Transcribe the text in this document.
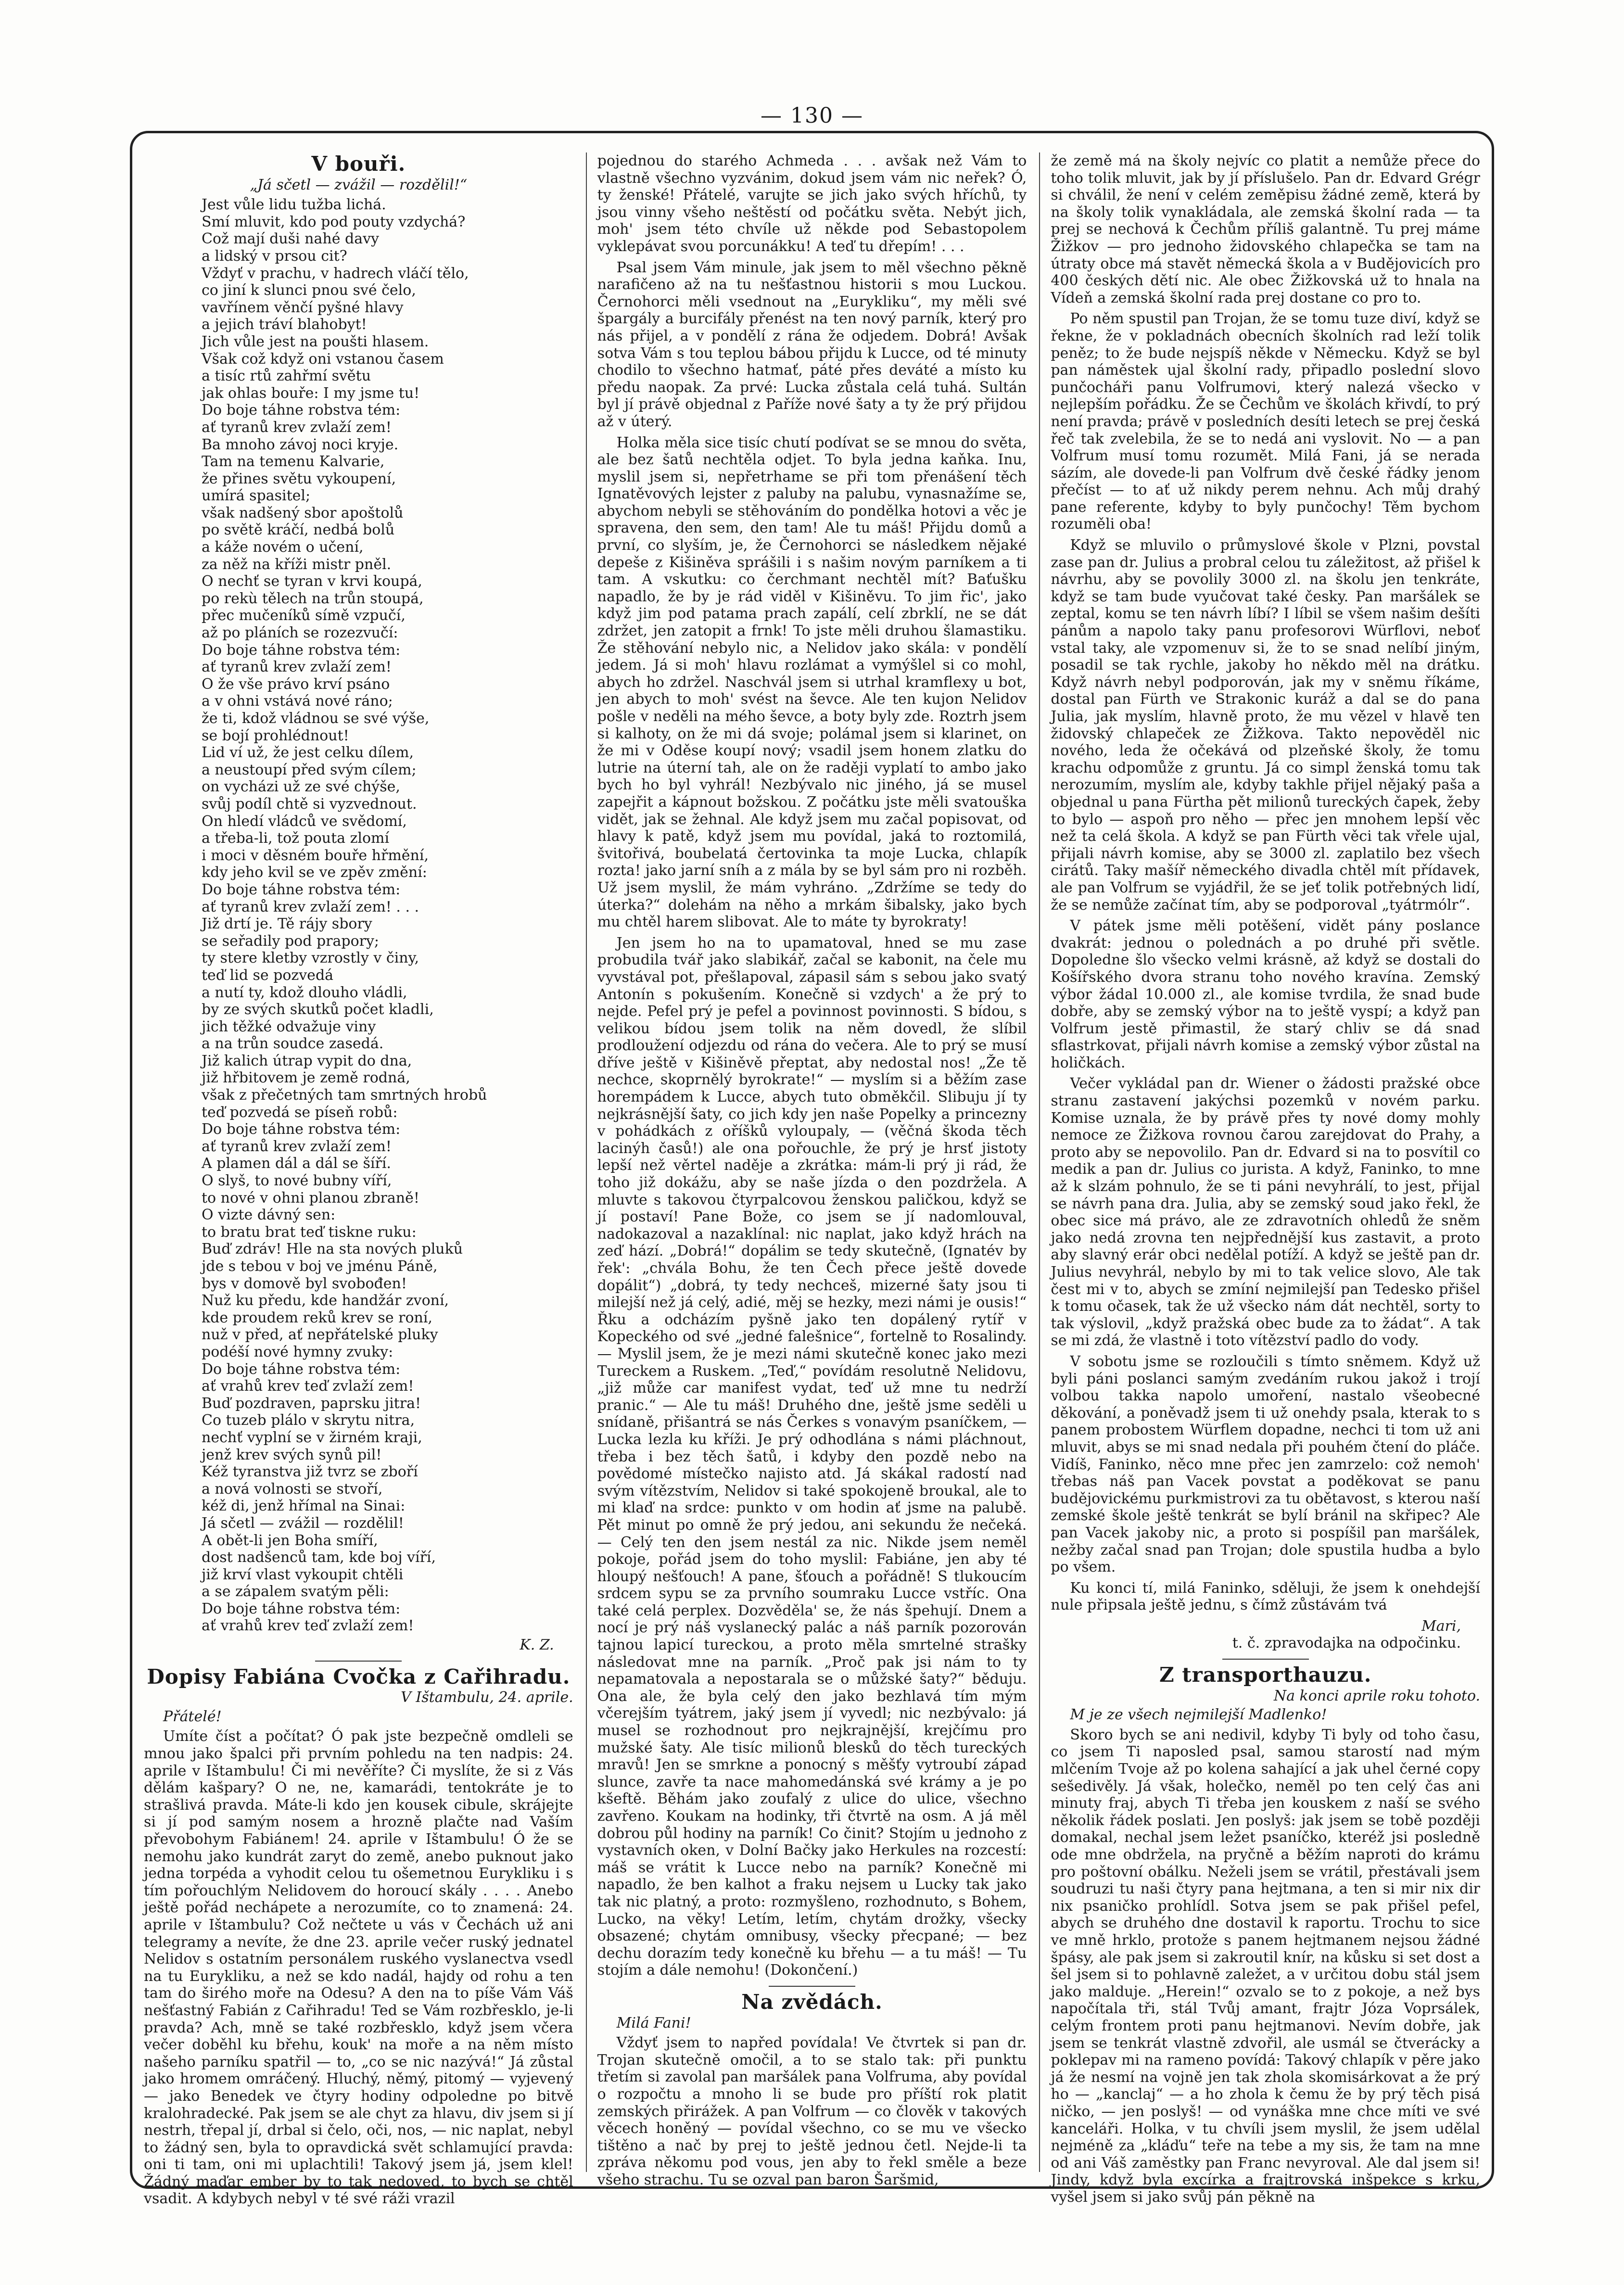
— 130 —
V bouři.
„Já sčetl — zvážil — rozdělil!“
Jest vůle lidu tužba lichá.
Smí mluvit, kdo pod pouty vzdychá?
Což mají duši nahé davy
a lidský v prsou cit?
Vždyť v prachu, v hadrech vláčí tělo,
co jiní k slunci pnou své čelo,
vavřínem věnčí pyšné hlavy
a jejich tráví blahobyt!
Jich vůle jest na poušti hlasem.
Však což když oni vstanou časem
a tisíc rtů zahřmí světu
jak ohlas bouře: I my jsme tu!
Do boje táhne robstva tém:
ať tyranů krev zvlaží zem!
Ba mnoho závoj noci kryje.
Tam na temenu Kalvarie,
že přines světu vykoupení,
umírá spasitel;
však nadšený sbor apoštolů
po světě kráčí, nedbá bolů
a káže novém o učení,
za něž na kříži mistr pněl.
O nechť se tyran v krvi koupá,
po rekù tělech na trůn stoupá,
přec mučeníků símě vzpučí,
až po pláních se rozezvučí:
Do boje táhne robstva tém:
ať tyranů krev zvlaží zem!
O že vše právo krví psáno
a v ohni vstává nové ráno;
že ti, kdož vládnou se své výše,
se bojí prohlédnout!
Lid ví už, že jest celku dílem,
a neustoupí před svým cílem;
on vycházi už ze své chýše,
svůj podíl chtě si vyzvednout.
On hledí vládců ve svědomí,
a třeba-li, tož pouta zlomí
i moci v děsném bouře hřmění,
kdy jeho kvil se ve zpěv změní:
Do boje táhne robstva tém:
ať tyranů krev zvlaží zem! . . .
Již drtí je. Tě rájy sbory
se seřadily pod prapory;
ty stere kletby vzrostly v činy,
teď lid se pozvedá
a nutí ty, kdož dlouho vládli,
by ze svých skutků počet kladli,
jich těžké odvažuje viny
a na trůn soudce zasedá.
Již kalich útrap vypit do dna,
již hřbitovem je země rodná,
však z přečetných tam smrtných hrobů
teď pozvedá se píseň robů:
Do boje táhne robstva tém:
ať tyranů krev zvlaží zem!
A plamen dál a dál se šíří.
O slyš, to nové bubny víří,
to nové v ohni planou zbraně!
O vizte dávný sen:
to bratu brat teď tiskne ruku:
Buď zdráv! Hle na sta nových pluků
jde s tebou v boj ve jménu Páně,
bys v domově byl svobođen!
Nuž ku předu, kde handžár zvoní,
kde proudem reků krev se roní,
nuž v před, ať nepřátelské pluky
podéší nové hymny zvuky:
Do boje táhne robstva tém:
ať vrahů krev teď zvlaží zem!
Buď pozdraven, paprsku jitra!
Co tuzeb plálo v skrytu nitra,
nechť vyplní se v žirném kraji,
jenž krev svých synů pil!
Kéž tyranstva již tvrz se zboří
a nová volnosti se stvoří,
kéž di, jenž hřímal na Sinai:
Já sčetl — zvážil — rozdělil!
A obět-li jen Boha smíří,
dost nadšenců tam, kde boj víří,
již krví vlast vykoupit chtěli
a se zápalem svatým pěli:
Do boje táhne robstva tém:
ať vrahů krev teď zvlaží zem!
K. Z.
Dopisy Fabiána Cvočka z Cařihradu.
V Ištambulu, 24. aprile.
Přátelé!

Umíte číst a počítat? Ó pak jste bezpečně omdleli se mnou jako špalci při prvním pohledu na ten nadpis: 24. aprile v Ištambulu! Či mi nevěříte? Či myslíte, že si z Vás dělám kašpary? O ne, ne, kamarádi, tentokráte je to strašlivá pravda. Máte-li kdo jen kousek cibule, skrájejte si jí pod samým nosem a hrozně plačte nad Vaším převobohym Fabiánem! 24. aprile v Ištambulu! Ó že se nemohu jako kundrát zaryt do země, anebo puknout jako jedna torpéda a vyhodit celou tu ošemetnou Eurykliku i s tím pořouchlým Nelidovem do horoucí skály . . . . Anebo ještě pořád nechápete a nerozumíte, co to znamená: 24. aprile v Ištambulu? Což nečtete u vás v Čechách už ani telegramy a nevíte, že dne 23. aprile večer ruský jednatel Nelidov s ostatním personálem ruského vyslanectva vsedl na tu Eurykliku, a než se kdo nadál, hajdy od rohu a ten tam do širého moře na Odesu? A den na to píše Vám Váš nešťastný Fabián z Cařihradu! Ted se Vám rozbřesklo, je-li pravda? Ach, mně se také rozbřesklo, když jsem včera večer doběhl ku břehu, kouk' na moře a na něm místo našeho parníku spatřil — to, „co se nic nazývá!“ Já zůstal jako hromem omráčený. Hluchý, němý, pitomý — vyjevený — jako Benedek ve čtyry hodiny odpoledne po bitvě kralohradecké. Pak jsem se ale chyt za hlavu, div jsem si jí nestrh, třepal jí, drbal si čelo, oči, nos, — nic naplat, nebyl to žádný sen, byla to opravdická svět schlamující pravda: oni ti tam, oni mi uplachtili! Takový jsem já, jsem klel! Žádný maďar ember by to tak nedoved, to bych se chtěl vsadit. A kdybych nebyl v té své ráži vrazil

pojednou do starého Achmeda . . . avšak než Vám to vlastně všechno vyzvánim, dokud jsem vám nic neřek? Ó, ty ženské! Přátelé, varujte se jich jako svých hříchů, ty jsou vinny všeho neštěstí od počátku světa. Nebýt jich, moh' jsem této chvíle už někde pod Sebastopolem vyklepávat svou porcunákku! A teď tu dřepím! . . .

Psal jsem Vám minule, jak jsem to měl všechno pěkně narafičeno až na tu nešťastnou historii s mou Luckou. Černohorci měli vsednout na „Eurykliku“, my měli své špargály a burcifály přenést na ten nový parník, který pro nás přijel, a v pondělí z rána že odjedem. Dobrá! Avšak sotva Vám s tou teplou bábou přijdu k Lucce, od té minuty chodilo to všechno hatmať, páté přes deváté a místo ku předu naopak. Za prvé: Lucka zůstala celá tuhá. Sultán byl jí právě objednal z Paříže nové šaty a ty že prý přijdou až v úterý.

Holka měla sice tisíc chutí podívat se se mnou do světa, ale bez šatů nechtěla odjet. To byla jedna kaňka. Inu, myslil jsem si, nepřetrhame se při tom přenášení těch Ignatěvových lejster z paluby na palubu, vynasnažíme se, abychom nebyli se stěhováním do pondělka hotovi a věc je spravena, den sem, den tam! Ale tu máš! Přijdu domů a první, co slyším, je, že Černohorci se následkem nějaké depeše z Kišiněva sprášili i s našim novým parníkem a ti tam. A vskutku: co čerchmant nechtěl mít? Baťušku napadlo, že by je rád viděl v Kišiněvu. To jim řic', jako když jim pod patama prach zapálí, celí zbrklí, ne se dát zdržet, jen zatopit a frnk! To jste měli druhou šlamastiku. Že stěhování nebylo nic, a Nelidov jako skála: v pondělí jedem. Já si moh' hlavu rozlámat a vymýšlel si co mohl, abych ho zdržel. Naschvál jsem si utrhal kramflexy u bot, jen abych to moh' svést na ševce. Ale ten kujon Nelidov pošle v neděli na mého ševce, a boty byly zde. Roztrh jsem si kalhoty, on že mi dá svoje; polámal jsem si klarinet, on že mi v Oděse koupí nový; vsadil jsem honem zlatku do lutrie na úterní tah, ale on že raději vyplatí to ambo jako bych ho byl vyhrál! Nezbývalo nic jiného, já se musel zapejřit a kápnout božskou. Z počátku jste měli svatouška vidět, jak se žehnal. Ale když jsem mu začal popisovat, od hlavy k patě, když jsem mu povídal, jaká to roztomilá, švitořivá, boubelatá čertovinka ta moje Lucka, chlapík rozta! jako jarní sníh a z mála by se byl sám pro ni rozběh. Už jsem myslil, že mám vyhráno. „Zdržíme se tedy do úterka?“ dolehám na něho a mrkám šibalsky, jako bych mu chtěl harem slibovat. Ale to máte ty byrokraty!

Jen jsem ho na to upamatoval, hned se mu zase probudila tvář jako slabikář, začal se kabonit, na čele mu vyvstával pot, přešlapoval, zápasil sám s sebou jako svatý Antonín s pokušením. Konečně si vzdych' a že prý to nejde. Pefel prý je pefel a povinnost povinnosti. S bídou, s velikou bídou jsem tolik na něm dovedl, že slíbil prodloužení odjezdu od rána do večera. Ale to prý se musí dříve ještě v Kišiněvě přeptat, aby nedostal nos! „Že tě nechce, skoprnělý byrokrate!“ — myslím si a běžím zase horempádem k Lucce, abych tuto obměkčil. Slibuju jí ty nejkrásnější šaty, co jich kdy jen naše Popelky a princezny v pohádkách z oříšků vyloupaly, — (věčná škoda těch lacinýh časů!) ale ona pořouchle, že prý je hrsť jistoty lepší než věrtel naděje a zkrátka: mám-li prý ji rád, že toho již dokážu, aby se naše jízda o den pozdržela. A mluvte s takovou čtyrpalcovou ženskou paličkou, když se jí postaví! Pane Bože, co jsem se jí nadomlouval, nadokazoval a nazaklínal: nic naplat, jako když hrách na zeď hází. „Dobrá!“ dopálim se tedy skutečně, (Ignatév by řek': „chvála Bohu, že ten Čech přece ještě dovede dopálit“) „dobrá, ty tedy nechceš, mizerné šaty jsou ti milejší než já celý, adié, měj se hezky, mezi námi je ousis!“ Řku a odcházím pyšně jako ten dopálený rytíř v Kopeckého od své „jedné falešnice“, fortelně to Rosalindy. — Myslil jsem, že je mezi námi skutečně konec jako mezi Tureckem a Ruskem. „Teď,“ povídám resolutně Nelidovu, „již může car manifest vydat, teď už mne tu nedrží pranic.“ — Ale tu máš! Druhého dne, ještě jsme seděli u snídaně, přišantrá se nás Čerkes s vonavým psaníčkem, — Lucka lezla ku kříži. Je prý odhodlána s námi pláchnout, třeba i bez těch šatů, i kdyby den pozdě nebo na povědomé místečko najisto atd. Já skákal radostí nad svým vítězstvím, Nelidov si také spokojeně broukal, ale to mi klaď na srdce: punkto v om hodin ať jsme na palubě. Pět minut po omně že prý jedou, ani sekundu že nečeká. — Celý ten den jsem nestál za nic. Nikde jsem neměl pokoje, pořád jsem do toho myslil: Fabiáne, jen aby té hloupý nešťouch! A pane, šťouch a pořádně! S tlukoucím srdcem sypu se za prvního soumraku Lucce vstříc. Ona také celá perplex. Dozvěděla' se, že nás špehují. Dnem a nocí je prý náš vyslanecký palác a náš parník pozorován tajnou lapicí tureckou, a proto měla smrtelné strašky následovat mne na parník. „Proč pak jsi nám to ty nepamatovala a nepostarala se o můžské šaty?“ běduju. Ona ale, že byla celý den jako bezhlavá tím mým včerejším tyátrem, jaký jsem jí vyvedl; nic nezbývalo: já musel se rozhodnout pro nejkrajnější, krejčímu pro mužské šaty. Ale tisíc milionů blesků do těch tureckých mravů! Jen se smrkne a ponocný s měšťy vytroubí západ slunce, zavře ta nace mahomedánská své krámy a je po kšeftě. Běhám jako zoufalý z ulice do ulice, všechno zavřeno. Koukam na hodinky, tři čtvrtě na osm. A já měl dobrou půl hodiny na parník! Co činit? Stojím u jednoho z vystavních oken, v Dolní Bačky jako Herkules na rozcestí: máš se vrátit k Lucce nebo na parník? Konečně mi napadlo, že ben kalhot a fraku nejsem u Lucky tak jako tak nic platný, a proto: rozmyšleno, rozhodnuto, s Bohem, Lucko, na věky! Letím, letím, chytám drožky, všecky obsazené; chytám omnibusy, všecky přecpané; — bez dechu dorazím tedy konečně ku břehu — a tu máš! — Tu stojím a dále nemohu! (Dokončení.)

Na zvědách.
Milá Fani!

Vždyť jsem to napřed povídala! Ve čtvrtek si pan dr. Trojan skutečně omočil, a to se stalo tak: při punktu třetím si zavolal pan maršálek pana Volfruma, aby povídal o rozpočtu a mnoho li se bude pro příští rok platit zemských přirážek. A pan Volfrum — co člověk v takových věcech honěný — povídal všechno, co se mu ve všecko tištěno a nač by prej to ještě jednou četl. Nejde-li ta zpráva někomu pod vous, jen aby to řekl směle a beze všeho strachu. Tu se ozval pan baron Šaršmid,

že země má na školy nejvíc co platit a nemůže přece do toho tolik mluvit, jak by jí příslušelo. Pan dr. Edvard Grégr si chválil, že není v celém zeměpisu žádné země, která by na školy tolik vynakládala, ale zemská školní rada — ta prej se nechová k Čechům příliš galantně. Tu prej máme Žižkov — pro jednoho židovského chlapečka se tam na útraty obce má stavět německá škola a v Budějovicích pro 400 českých dětí nic. Ale obec Žižkovská už to hnala na Vídeň a zemská školní rada prej dostane co pro to.

Po něm spustil pan Trojan, že se tomu tuze diví, když se řekne, že v pokladnách obecních školních rad leží tolik peněz; to že bude nejspíš někde v Německu. Když se byl pan náměstek ujal školní rady, připadlo poslední slovo punčocháři panu Volfrumovi, který nalezá všecko v nejlepším pořádku. Že se Čechům ve školách křivdí, to prý není pravda; právě v posledních desíti letech se prej česká řeč tak zvelebila, že se to nedá ani vyslovit. No — a pan Volfrum musí tomu rozumět. Milá Fani, já se nerada sázím, ale dovede-li pan Volfrum dvě české řádky jenom přečíst — to ať už nikdy perem nehnu. Ach můj drahý pane referente, kdyby to byly punčochy! Těm bychom rozuměli oba!

Když se mluvilo o průmyslové škole v Plzni, povstal zase pan dr. Julius a probral celou tu záležitost, až přišel k návrhu, aby se povolily 3000 zl. na školu jen tenkráte, když se tam bude vyučovat také česky. Pan maršálek se zeptal, komu se ten návrh líbí? I líbil se všem našim dešíti pánům a napolo taky panu profesorovi Würflovi, neboť vstal taky, ale vzpomenuv si, že to se snad nelíbí jiným, posadil se tak rychle, jakoby ho někdo měl na drátku. Když návrh nebyl podporován, jak my v sněmu říkáme, dostal pan Fürth ve Strakonic kuráž a dal se do pana Julia, jak myslím, hlavně proto, že mu vězel v hlavě ten židovský chlapeček ze Žižkova. Takto nepověděl nic nového, leda že očekává od plzeňské školy, že tomu krachu odpomůže z gruntu. Já co simpl ženská tomu tak nerozumím, myslím ale, kdyby takhle přijel nějaký paša a objednal u pana Fürtha pět milionů tureckých čapek, žeby to bylo — aspoň pro něho — přec jen mnohem lepší věc než ta celá škola. A když se pan Fürth věci tak vřele ujal, přijali návrh komise, aby se 3000 zl. zaplatilo bez všech cirátů. Taky mašíř německého divadla chtěl mít přídavek, ale pan Volfrum se vyjádřil, že se jeť tolik potřebných lidí, že se nemůže začínat tím, aby se podporoval „tyátrmólr“.

V pátek jsme měli potěšení, vidět pány poslance dvakrát: jednou o polednách a po druhé při světle. Dopoledne šlo všecko velmi krásně, až když se dostali do Košířského dvora stranu toho nového kravína. Zemský výbor žádal 10.000 zl., ale komise tvrdila, že snad bude dobře, aby se zemský výbor na to ještě vyspí; a když pan Volfrum jestě přimastil, že starý chliv se dá snad sflastrkovat, přijali návrh komise a zemský výbor zůstal na holičkách.

Večer vykládal pan dr. Wiener o žádosti pražské obce stranu zastavení jakýchsi pozemků v novém parku. Komise uznala, že by právě přes ty nové domy mohly nemoce ze Žižkova rovnou čarou zarejdovat do Prahy, a proto aby se nepovolilo. Pan dr. Edvard si na to posvítil co medik a pan dr. Julius co jurista. A když, Faninko, to mne až k slzám pohnulo, že se ti páni nevyhrálí, to jest, přijal se návrh pana dra. Julia, aby se zemský soud jako řekl, že obec sice má právo, ale ze zdravotních ohledů že sněm jako nedá zrovna ten nejpřednější kus zastavit, a proto aby slavný erár obci nedělal potíží. A když se ještě pan dr. Julius nevyhrál, nebylo by mi to tak velice slovo, Ale tak čest mi v to, abych se zmíní nejmilejší pan Tedesko přišel k tomu očasek, tak že už všecko nám dát nechtěl, sorty to tak výslovil, „když pražská obec bude za to žádat“. A tak se mi zdá, že vlastně i toto vítězství padlo do vody.

V sobotu jsme se rozloučili s tímto sněmem. Když už byli páni poslanci samým zvedáním rukou jakož i trojí volbou takka napolo umoření, nastalo všeobecné děkování, a poněvadž jsem ti už onehdy psala, kterak to s panem probostem Würflem dopadne, nechci ti tom už ani mluvit, abys se mi snad nedala při pouhém čtení do pláče. Vidíš, Faninko, něco mne přec jen zamrzelo: což nemoh' třebas náš pan Vacek povstat a poděkovat se panu budějovickému purkmistrovi za tu obětavost, s kterou naší zemské škole ještě tenkrát se bylí bránil na skřipec? Ale pan Vacek jakoby nic, a proto si pospíšil pan maršálek, nežby začal snad pan Trojan; dole spustila hudba a bylo po všem.

Ku konci tí, milá Faninko, sděluji, že jsem k onehdejší nule připsala ještě jednu, s čímž zůstávám tvá

Mari,
t. č. zpravodajka na odpočinku.
Z transporthauzu.
Na konci aprile roku tohoto.
M je ze všech nejmilejší Madlenko!

Skoro bych se ani nedivil, kdyby Ti byly od toho času, co jsem Ti naposled psal, samou starostí nad mým mlčením Tvoje až po kolena sahající a jak uhel černé copy sešedivěly. Já však, holečko, neměl po ten celý čas ani minuty fraj, abych Ti třeba jen kouskem z naší se svého několik řádek poslati. Jen poslyš: jak jsem se tobě později domakal, nechal jsem ležet psaníčko, kteréž jsi posledně ode mne obdržela, na pryčně a běžím naproti do krámu pro poštovní obálku. Neželi jsem se vrátil, přestávali jsem soudruzi tu naši čtyry pana hejtmana, a ten si mir nix dir nix psaničko prohlídl. Sotva jsem se pak přišel pefel, abych se druhého dne dostavil k raportu. Trochu to sice ve mně hrklo, protože s panem hejtmanem nejsou žádné špásy, ale pak jsem si zakroutil knír, na kůsku si set dost a šel jsem si to pohlavně zaležet, a v určitou dobu stál jsem jako malduje. „Herein!“ ozvalo se to z pokoje, a než bys napočítala tři, stál Tvůj amant, frajtr Józa Voprsálek, celým frontem proti panu hejtmanovi. Nevím dobře, jak jsem se tenkrát vlastně zdvořil, ale usmál se čtverácky a poklepav mi na rameno povídá: Takový chlapík v pěre jako já že nesmí na vojně jen tak zhola skomisárkovat a že prý ho — „kanclaj“ — a ho zhola k čemu že by prý těch pisá ničko, — jen poslyš! — od vynáška mne chce míti ve své kanceláři. Holka, v tu chvíli jsem myslil, že jsem udělal nejméně za „kláďu“ teře na tebe a my sis, že tam na mne od ani Váš zaměstky pan Franc nevyroval. Ale dal jsem si! Jindy, když byla excírka a frajtrovská inšpekce s krku, vyšel jsem si jako svůj pán pěkně na
